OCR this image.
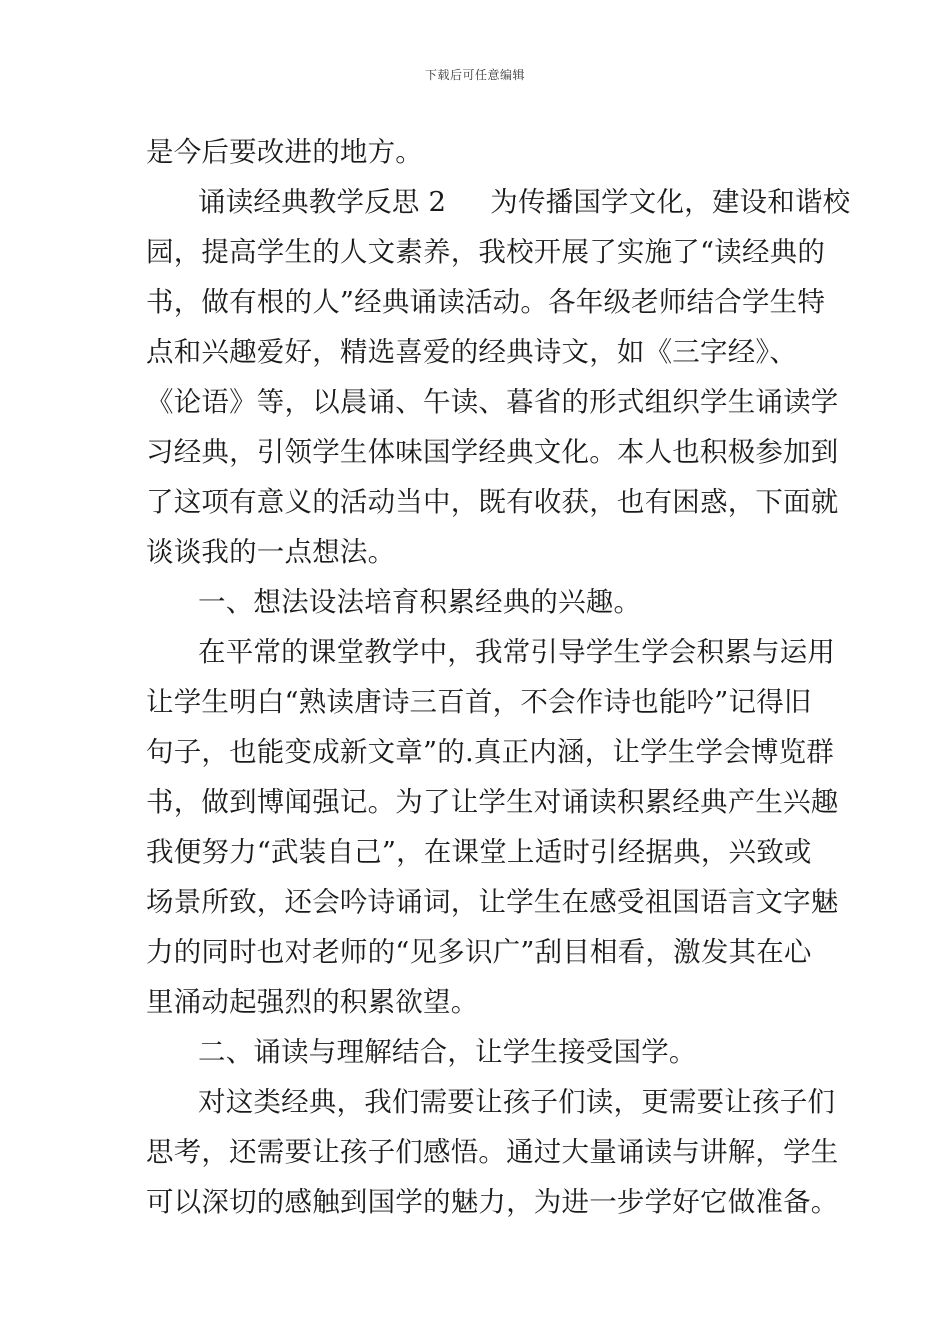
下载后可任意编辑
是今后要改进的地方。
诵读经典教学反思 2 为传播国学文化，建设和谐校
园，提高学生的人文素养，我校开展了实施了“读经典的
书，做有根的人”经典诵读活动。各年级老师结合学生特
点和兴趣爱好，精选喜爱的经典诗文，如《三字经》、
《论语》等，以晨诵、午读、暮省的形式组织学生诵读学
习经典，引领学生体味国学经典文化。本人也积极参加到
了这项有意义的活动当中，既有收获，也有困惑，下面就
谈谈我的一点想法。
一、想法设法培育积累经典的兴趣。
在平常的课堂教学中，我常引导学生学会积累与运用
让学生明白“熟读唐诗三百首，不会作诗也能吟”记得旧
句子，也能变成新文章”的.真正内涵，让学生学会博览群
书，做到博闻强记。为了让学生对诵读积累经典产生兴趣
我便努力“武装自己”，在课堂上适时引经据典，兴致或
场景所致，还会吟诗诵词，让学生在感受祖国语言文字魅
力的同时也对老师的“见多识广”刮目相看，激发其在心
里涌动起强烈的积累欲望。
二、诵读与理解结合，让学生接受国学。
对这类经典，我们需要让孩子们读，更需要让孩子们
思考，还需要让孩子们感悟。通过大量诵读与讲解，学生
可以深切的感触到国学的魅力，为进一步学好它做准备。
